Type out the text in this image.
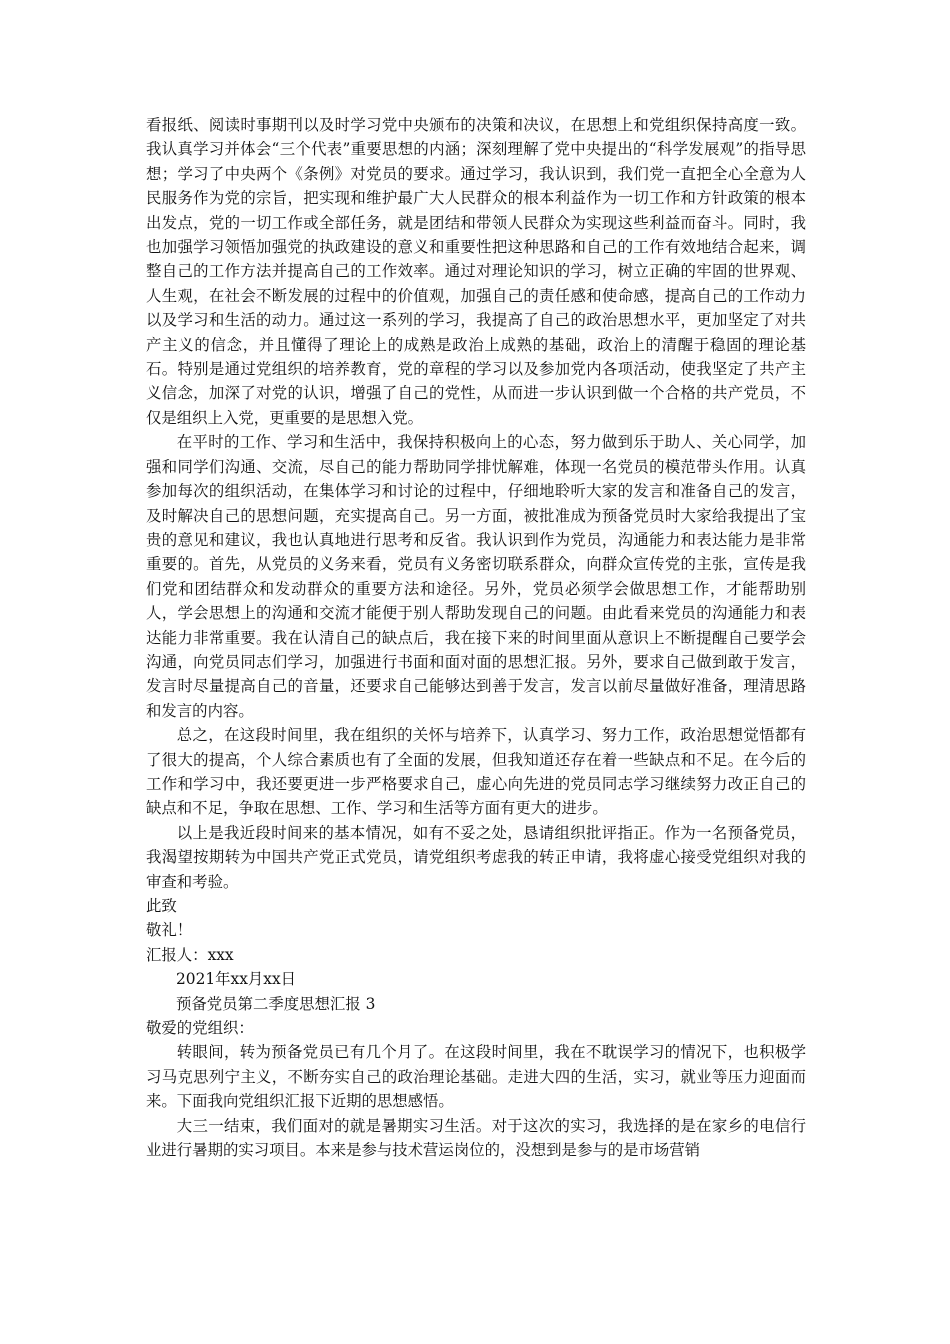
看报纸、阅读时事期刊以及时学习党中央颁布的决策和决议，在思想上和党组织保持高度一致。我认真学习并体会“三个代表”重要思想的内涵；深刻理解了党中央提出的“科学发展观”的指导思想；学习了中央两个《条例》对党员的要求。通过学习，我认识到，我们党一直把全心全意为人民服务作为党的宗旨，把实现和维护最广大人民群众的根本利益作为一切工作和方针政策的根本出发点，党的一切工作或全部任务，就是团结和带领人民群众为实现这些利益而奋斗。同时，我也加强学习领悟加强党的执政建设的意义和重要性把这种思路和自己的工作有效地结合起来，调整自己的工作方法并提高自己的工作效率。通过对理论知识的学习，树立正确的牢固的世界观、人生观，在社会不断发展的过程中的价值观，加强自己的责任感和使命感，提高自己的工作动力以及学习和生活的动力。通过这一系列的学习，我提高了自己的政治思想水平，更加坚定了对共产主义的信念，并且懂得了理论上的成熟是政治上成熟的基础，政治上的清醒于稳固的理论基石。特别是通过党组织的培养教育，党的章程的学习以及参加党内各项活动，使我坚定了共产主义信念，加深了对党的认识，增强了自己的党性，从而进一步认识到做一个合格的共产党员，不仅是组织上入党，更重要的是思想入党。

在平时的工作、学习和生活中，我保持积极向上的心态，努力做到乐于助人、关心同学，加强和同学们沟通、交流，尽自己的能力帮助同学排忧解难，体现一名党员的模范带头作用。认真参加每次的组织活动，在集体学习和讨论的过程中，仔细地聆听大家的发言和准备自己的发言，及时解决自己的思想问题，充实提高自己。另一方面，被批准成为预备党员时大家给我提出了宝贵的意见和建议，我也认真地进行思考和反省。我认识到作为党员，沟通能力和表达能力是非常重要的。首先，从党员的义务来看，党员有义务密切联系群众，向群众宣传党的主张，宣传是我们党和团结群众和发动群众的重要方法和途径。另外，党员必须学会做思想工作，才能帮助别人，学会思想上的沟通和交流才能便于别人帮助发现自己的问题。由此看来党员的沟通能力和表达能力非常重要。我在认清自己的缺点后，我在接下来的时间里面从意识上不断提醒自己要学会沟通，向党员同志们学习，加强进行书面和面对面的思想汇报。另外，要求自己做到敢于发言，发言时尽量提高自己的音量，还要求自己能够达到善于发言，发言以前尽量做好准备，理清思路和发言的内容。

总之，在这段时间里，我在组织的关怀与培养下，认真学习、努力工作，政治思想觉悟都有了很大的提高，个人综合素质也有了全面的发展，但我知道还存在着一些缺点和不足。在今后的工作和学习中，我还要更进一步严格要求自己，虚心向先进的党员同志学习继续努力改正自己的缺点和不足，争取在思想、工作、学习和生活等方面有更大的进步。

以上是我近段时间来的基本情况，如有不妥之处，恳请组织批评指正。作为一名预备党员，我渴望按期转为中国共产党正式党员，请党组织考虑我的转正申请，我将虚心接受党组织对我的审查和考验。

此致

敬礼！

汇报人：xxx

2021年xx月xx日

预备党员第二季度思想汇报 3

敬爱的党组织：

转眼间，转为预备党员已有几个月了。在这段时间里，我在不耽误学习的情况下，也积极学习马克思列宁主义，不断夯实自己的政治理论基础。走进大四的生活，实习，就业等压力迎面而来。下面我向党组织汇报下近期的思想感悟。

大三一结束，我们面对的就是暑期实习生活。对于这次的实习，我选择的是在家乡的电信行业进行暑期的实习项目。本来是参与技术营运岗位的，没想到是参与的是市场营销
